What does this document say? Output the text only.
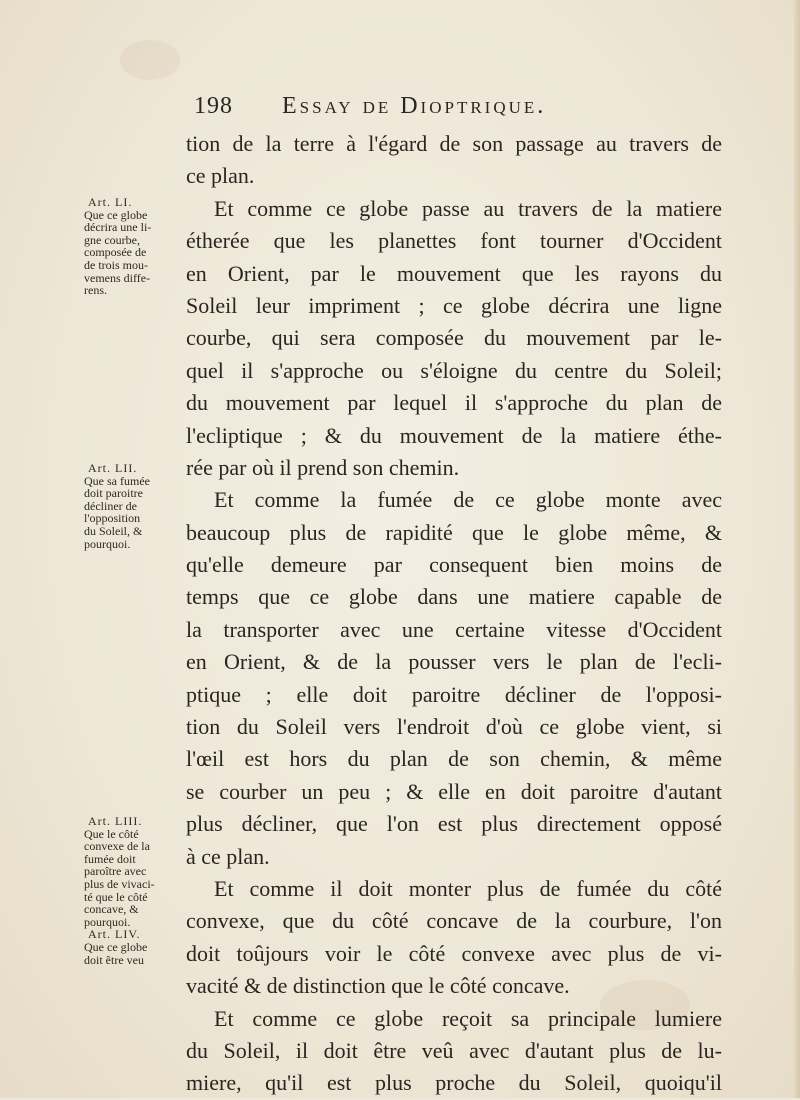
198 Essay de Dioptrique.
Art. LI.
Que ce globe
décrira une li-
gne courbe,
composée de
de trois mou-
vemens diffe-
rens.
Art. LII.
Que sa fumée
doit paroitre
décliner de
l'opposition
du Soleil, &
pourquoi.
Art. LIII.
Que le côté
convexe de la
fumée doit
paroître avec
plus de vivaci-
té que le côté
concave, &
pourquoi.
Art. LIV.
Que ce globe
doit être veu
tion de la terre à l'égard de son passage au travers de
ce plan.
Et comme ce globe passe au travers de la matiere
étherée que les planettes font tourner d'Occident
en Orient, par le mouvement que les rayons du
Soleil leur impriment ; ce globe décrira une ligne
courbe, qui sera composée du mouvement par le-
quel il s'approche ou s'éloigne du centre du Soleil;
du mouvement par lequel il s'approche du plan de
l'ecliptique ; & du mouvement de la matiere éthe-
rée par où il prend son chemin.
Et comme la fumée de ce globe monte avec
beaucoup plus de rapidité que le globe même, &
qu'elle demeure par consequent bien moins de
temps que ce globe dans une matiere capable de
la transporter avec une certaine vitesse d'Occident
en Orient, & de la pousser vers le plan de l'ecli-
ptique ; elle doit paroitre décliner de l'opposi-
tion du Soleil vers l'endroit d'où ce globe vient, si
l'œil est hors du plan de son chemin, & même
se courber un peu ; & elle en doit paroitre d'autant
plus décliner, que l'on est plus directement opposé
à ce plan.
Et comme il doit monter plus de fumée du côté
convexe, que du côté concave de la courbure, l'on
doit toûjours voir le côté convexe avec plus de vi-
vacité & de distinction que le côté concave.
Et comme ce globe reçoit sa principale lumiere
du Soleil, il doit être veû avec d'autant plus de lu-
miere, qu'il est plus proche du Soleil, quoiqu'il
